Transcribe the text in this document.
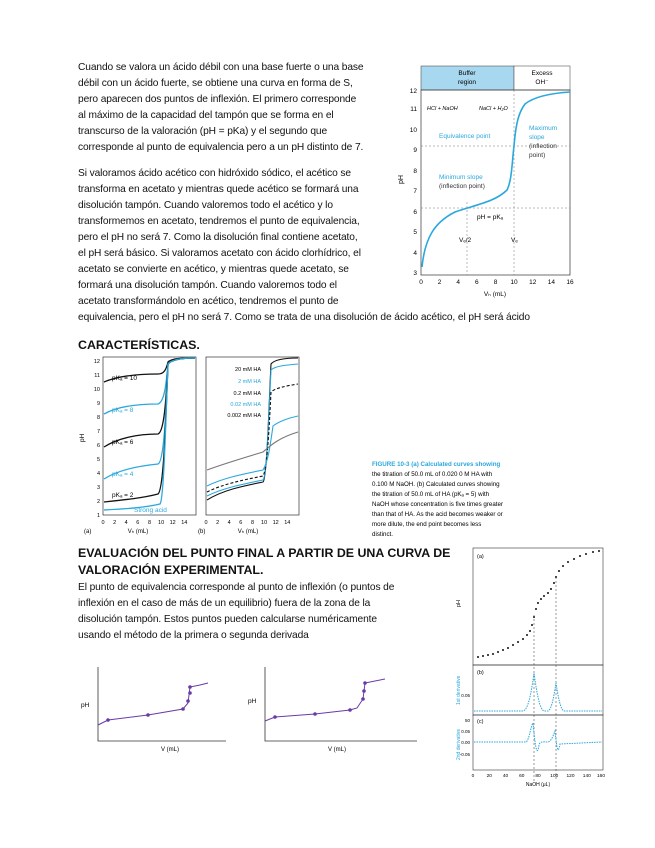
Cuando se valora un ácido débil con una base fuerte o una base
débil con un ácido fuerte, se obtiene una curva en forma de S,
pero aparecen dos puntos de inflexión. El primero corresponde
al máximo de la capacidad del tampón que se forma en el
transcurso de la valoración (pH = pKa) y el segundo que
corresponde al punto de equivalencia pero a un pH distinto de 7.
Si valoramos ácido acético con hidróxido sódico, el acético se
transforma en acetato y mientras quede acético se formará una
disolución tampón. Cuando valoremos todo el acético y lo
transformemos en acetato, tendremos el punto de equivalencia,
pero el pH no será 7. Como la disolución final contiene acetato,
el pH será básico. Si valoramos acetato con ácido clorhídrico, el
acetato se convierte en acético, y mientras quede acetato, se
formará una disolución tampón. Cuando valoremos todo el
acetato transformándolo en acético, tendremos el punto de
equivalencia, pero el pH no será 7. Como se trata de una disolución de ácido acético, el pH será ácido
CARACTERÍSTICAS.
EVALUACIÓN DEL PUNTO FINAL A PARTIR DE UNA CURVA DE
VALORACIÓN EXPERIMENTAL.
El punto de equivalencia corresponde al punto de inflexión (o puntos de
inflexión en el caso de más de un equilibrio) fuera de la zona de la
disolución tampón. Estos puntos pueden calcularse numéricamente
usando el método de la primera o segunda derivada
Buffer
region
Excess
OH⁻
HCl + NaOH	NaCl + H₂O
Equivalence point
Maximum
slope
(inflection
point)
Minimum slope
(inflection point)
pH = pKₐ
Vₑ/2	Vₑ
3
4
5
6
7
8
9
10
11
12
pH
0 2 4 6 8 10 12 14 16
Vₕ (mL)
pKₐ = 10
pKₐ = 8
pKₐ = 6
pKₐ = 4
pKₐ = 2
Strong acid
1
2
3
4
5
6
7
8
9
10
11
12
pH
0 2 4 6 8 10 12 14
Vₕ (mL)
(a)
20 mM HA
2 mM HA
0.2 mM HA
0.02 mM HA
0.002 mM HA
0 2 4 6 8 10 12 14
Vₕ (mL)
(b)
FIGURE 10-3 (a) Calculated curves showing
the titration of 50.0 mL of 0.020 0 M HA with
0.100 M NaOH. (b) Calculated curves showing
the titration of 50.0 mL of HA (pKₐ = 5) with
NaOH whose concentration is five times greater
than that of HA. As the acid becomes weaker or
more dilute, the end point becomes less
distinct.
pH
V (mL)
pH
V (mL)
(a)
pH
(b)
0.05
1st derivative
(c)
50
0.05
0.00
-0.05
2nd derivative
0	20 40 60 80 100 120 140 160
NaOH (μL)
